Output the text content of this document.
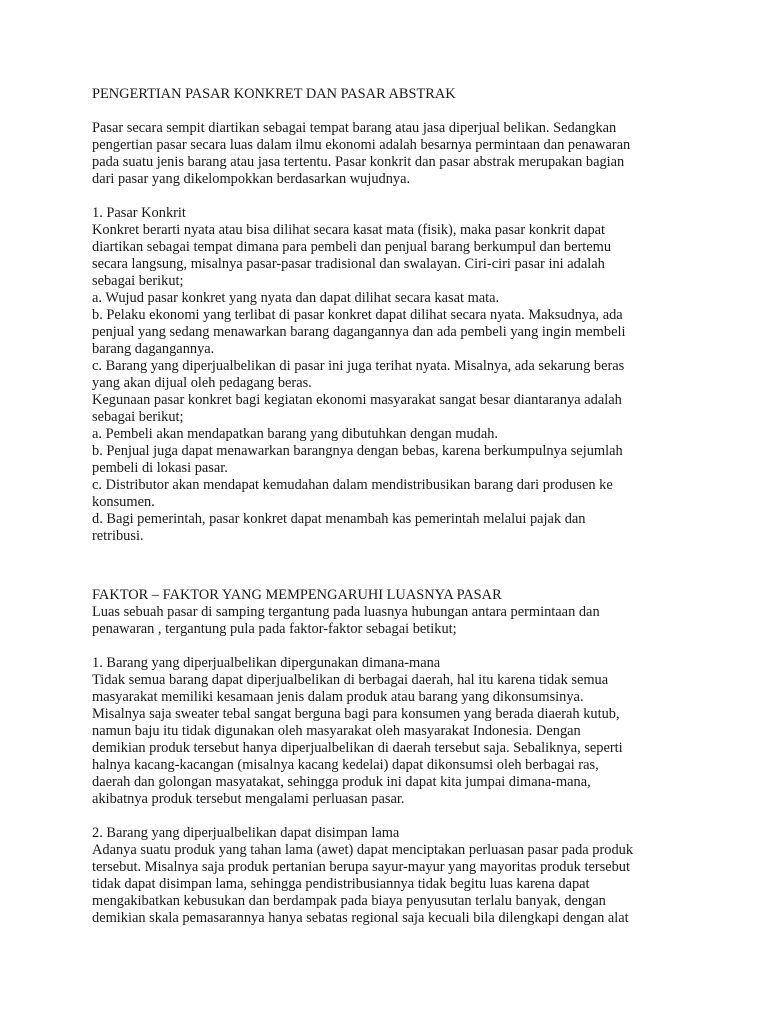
PENGERTIAN PASAR KONKRET DAN PASAR ABSTRAK
Pasar secara sempit diartikan sebagai tempat barang atau jasa diperjual belikan. Sedangkan
pengertian pasar secara luas dalam ilmu ekonomi adalah besarnya permintaan dan penawaran
pada suatu jenis barang atau jasa tertentu. Pasar konkrit dan pasar abstrak merupakan bagian
dari pasar yang dikelompokkan berdasarkan wujudnya.
1. Pasar Konkrit
Konkret berarti nyata atau bisa dilihat secara kasat mata (fisik), maka pasar konkrit dapat
diartikan sebagai tempat dimana para pembeli dan penjual barang berkumpul dan bertemu
secara langsung, misalnya pasar-pasar tradisional dan swalayan. Ciri-ciri pasar ini adalah
sebagai berikut;
a. Wujud pasar konkret yang nyata dan dapat dilihat secara kasat mata.
b. Pelaku ekonomi yang terlibat di pasar konkret dapat dilihat secara nyata. Maksudnya, ada
penjual yang sedang menawarkan barang dagangannya dan ada pembeli yang ingin membeli
barang dagangannya.
c. Barang yang diperjualbelikan di pasar ini juga terihat nyata. Misalnya, ada sekarung beras
yang akan dijual oleh pedagang beras.
Kegunaan pasar konkret bagi kegiatan ekonomi masyarakat sangat besar diantaranya adalah
sebagai berikut;
a. Pembeli akan mendapatkan barang yang dibutuhkan dengan mudah.
b. Penjual juga dapat menawarkan barangnya dengan bebas, karena berkumpulnya sejumlah
pembeli di lokasi pasar.
c. Distributor akan mendapat kemudahan dalam mendistribusikan barang dari produsen ke
konsumen.
d. Bagi pemerintah, pasar konkret dapat menambah kas pemerintah melalui pajak dan
retribusi.
FAKTOR – FAKTOR YANG MEMPENGARUHI LUASNYA PASAR
Luas sebuah pasar di samping tergantung pada luasnya hubungan antara permintaan dan
penawaran , tergantung pula pada faktor-faktor sebagai betikut;
1. Barang yang diperjualbelikan dipergunakan dimana-mana
Tidak semua barang dapat diperjualbelikan di berbagai daerah, hal itu karena tidak semua
masyarakat memiliki kesamaan jenis dalam produk atau barang yang dikonsumsinya.
Misalnya saja sweater tebal sangat berguna bagi para konsumen yang berada diaerah kutub,
namun baju itu tidak digunakan oleh masyarakat oleh masyarakat Indonesia. Dengan
demikian produk tersebut hanya diperjualbelikan di daerah tersebut saja. Sebaliknya, seperti
halnya kacang-kacangan (misalnya kacang kedelai) dapat dikonsumsi oleh berbagai ras,
daerah dan golongan masyatakat, sehingga produk ini dapat kita jumpai dimana-mana,
akibatnya produk tersebut mengalami perluasan pasar.
2. Barang yang diperjualbelikan dapat disimpan lama
Adanya suatu produk yang tahan lama (awet) dapat menciptakan perluasan pasar pada produk
tersebut. Misalnya saja produk pertanian berupa sayur-mayur yang mayoritas produk tersebut
tidak dapat disimpan lama, sehingga pendistribusiannya tidak begitu luas karena dapat
mengakibatkan kebusukan dan berdampak pada biaya penyusutan terlalu banyak, dengan
demikian skala pemasarannya hanya sebatas regional saja kecuali bila dilengkapi dengan alat
